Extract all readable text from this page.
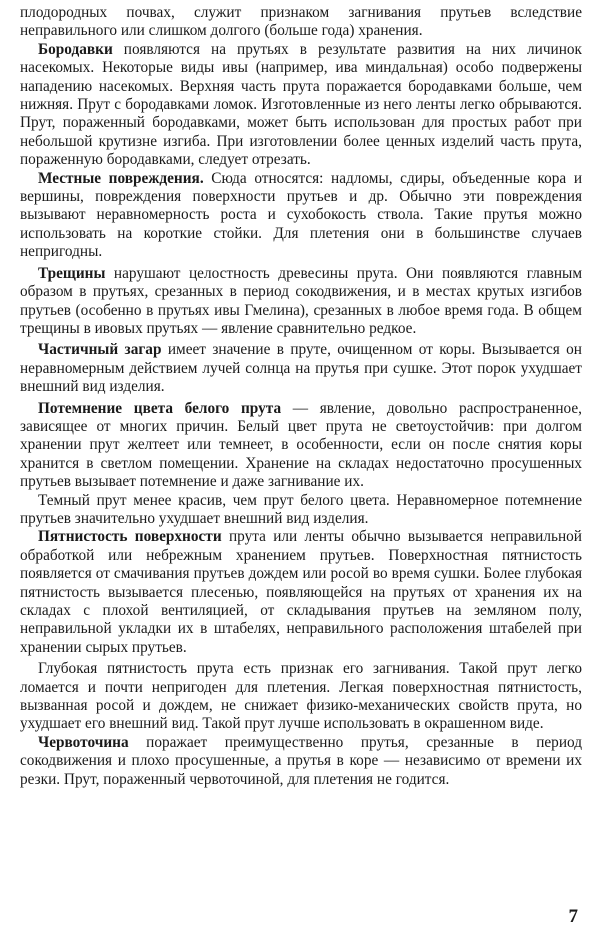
плодородных почвах, служит признаком загнивания прутьев вследствие неправильного или слишком долгого (больше года) хранения.

Бородавки появляются на прутьях в результате развития на них личинок насекомых. Некоторые виды ивы (например, ива миндальная) особо подвержены нападению насекомых. Верхняя часть прута поражается бородавками больше, чем нижняя. Прут с бородавками ломок. Изготовленные из него ленты легко обрываются. Прут, пораженный бородавками, может быть использован для простых работ при небольшой крутизне изгиба. При изготовлении более ценных изделий часть прута, пораженную бородавками, следует отрезать.

Местные повреждения. Сюда относятся: надломы, сдиры, объеденные кора и вершины, повреждения поверхности прутьев и др. Обычно эти повреждения вызывают неравномерность роста и сухобокость ствола. Такие прутья можно использовать на короткие стойки. Для плетения они в большинстве случаев непригодны.

Трещины нарушают целостность древесины прута. Они появляются главным образом в прутьях, срезанных в период сокодвижения, и в местах крутых изгибов прутьев (особенно в прутьях ивы Гмелина), срезанных в любое время года. В общем трещины в ивовых прутьях — явление сравнительно редкое.

Частичный загар имеет значение в пруте, очищенном от коры. Вызывается он неравномерным действием лучей солнца на прутья при сушке. Этот порок ухудшает внешний вид изделия.

Потемнение цвета белого прута — явление, довольно распространенное, зависящее от многих причин. Белый цвет прута не светоустойчив: при долгом хранении прут желтеет или темнеет, в особенности, если он после снятия коры хранится в светлом помещении. Хранение на складах недостаточно просушенных прутьев вызывает потемнение и даже загнивание их.

Темный прут менее красив, чем прут белого цвета. Неравномерное потемнение прутьев значительно ухудшает внешний вид изделия.

Пятнистость поверхности прута или ленты обычно вызывается неправильной обработкой или небрежным хранением прутьев. Поверхностная пятнистость появляется от смачивания прутьев дождем или росой во время сушки. Более глубокая пятнистость вызывается плесенью, появляющейся на прутьях от хранения их на складах с плохой вентиляцией, от складывания прутьев на земляном полу, неправильной укладки их в штабелях, неправильного расположения штабелей при хранении сырых прутьев.

Глубокая пятнистость прута есть признак его загнивания. Такой прут легко ломается и почти непригоден для плетения. Легкая поверхностная пятнистость, вызванная росой и дождем, не снижает физико-механических свойств прута, но ухудшает его внешний вид. Такой прут лучше использовать в окрашенном виде.

Червоточина поражает преимущественно прутья, срезанные в период сокодвижения и плохо просушенные, а прутья в коре — независимо от времени их резки. Прут, пораженный червоточиной, для плетения не годится.

7
